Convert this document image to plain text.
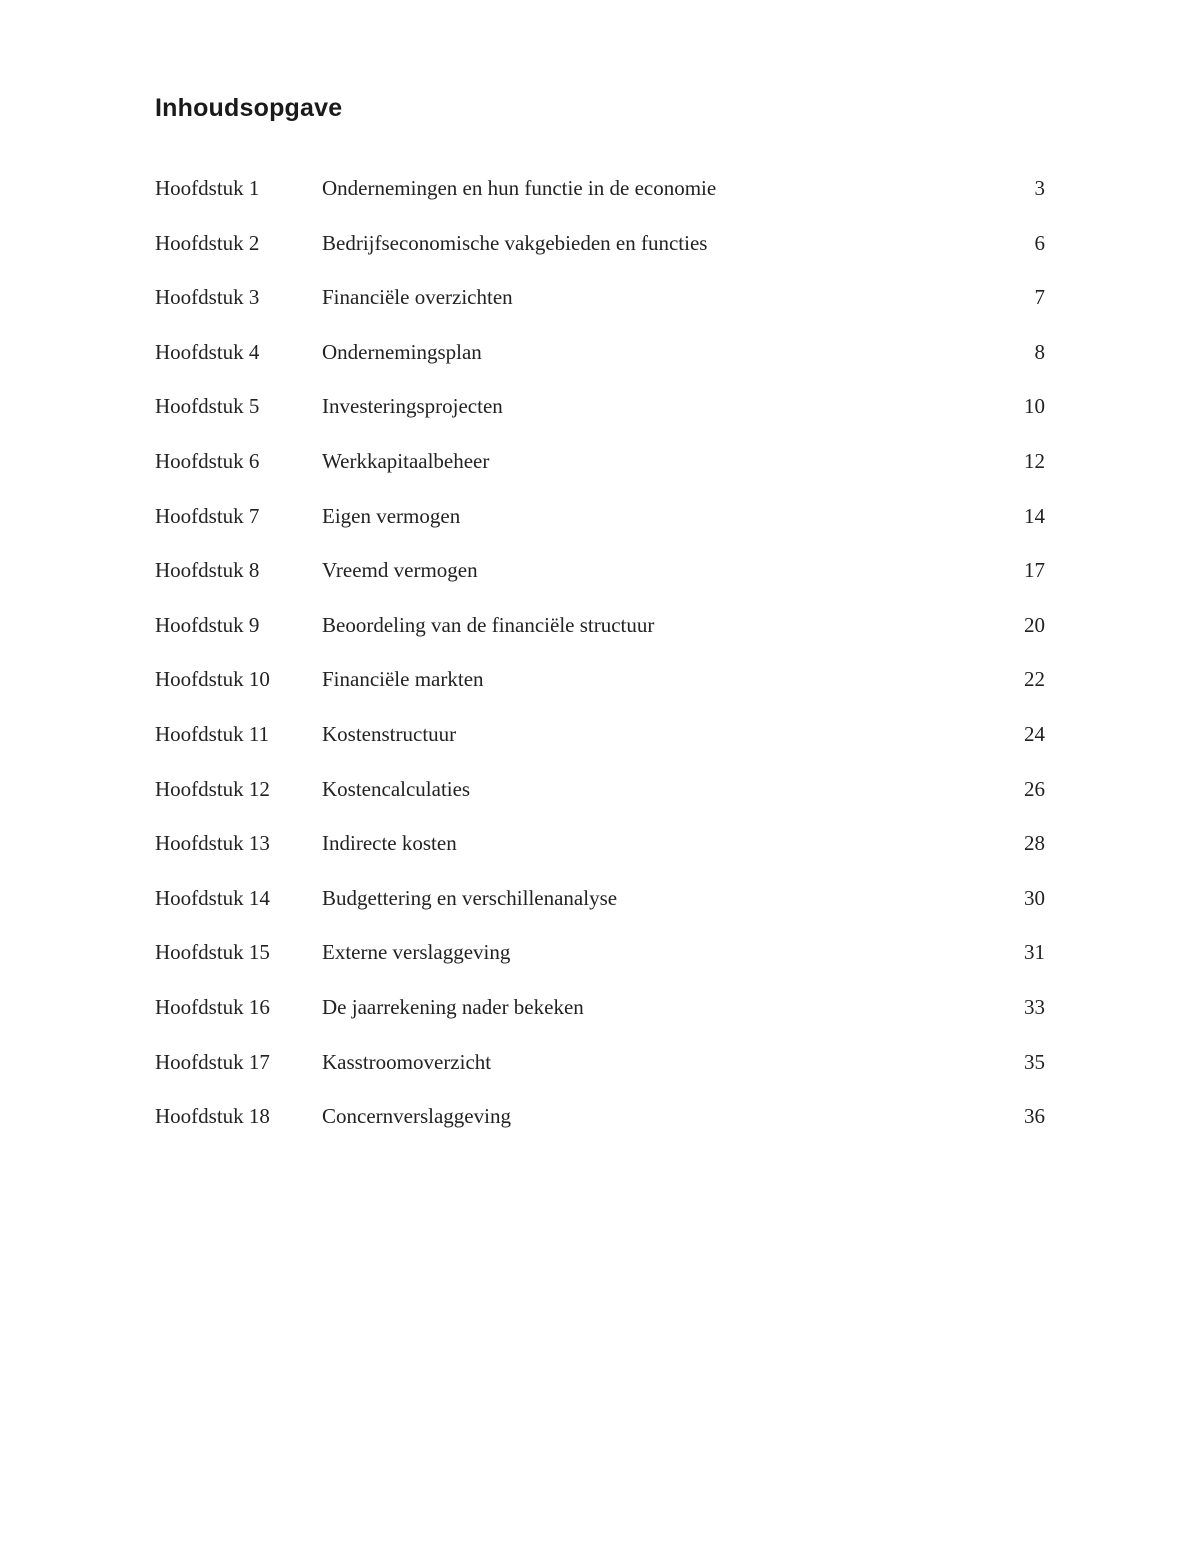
Inhoudsopgave
Hoofdstuk 1	Ondernemingen en hun functie in de economie	3
Hoofdstuk 2	Bedrijfseconomische vakgebieden en functies	6
Hoofdstuk 3	Financiële overzichten	7
Hoofdstuk 4	Ondernemingsplan	8
Hoofdstuk 5	Investeringsprojecten	10
Hoofdstuk 6	Werkkapitaalbeheer	12
Hoofdstuk 7	Eigen vermogen	14
Hoofdstuk 8	Vreemd vermogen	17
Hoofdstuk 9	Beoordeling van de financiële structuur	20
Hoofdstuk 10 Financiële markten	22
Hoofdstuk 11	Kostenstructuur	24
Hoofdstuk 12 Kostencalculaties	26
Hoofdstuk 13 Indirecte kosten	28
Hoofdstuk 14 Budgettering en verschillenanalyse	30
Hoofdstuk 15 Externe verslaggeving	31
Hoofdstuk 16 De jaarrekening nader bekeken	33
Hoofdstuk 17 Kasstroomoverzicht	35
Hoofdstuk 18 Concernverslaggeving	36
